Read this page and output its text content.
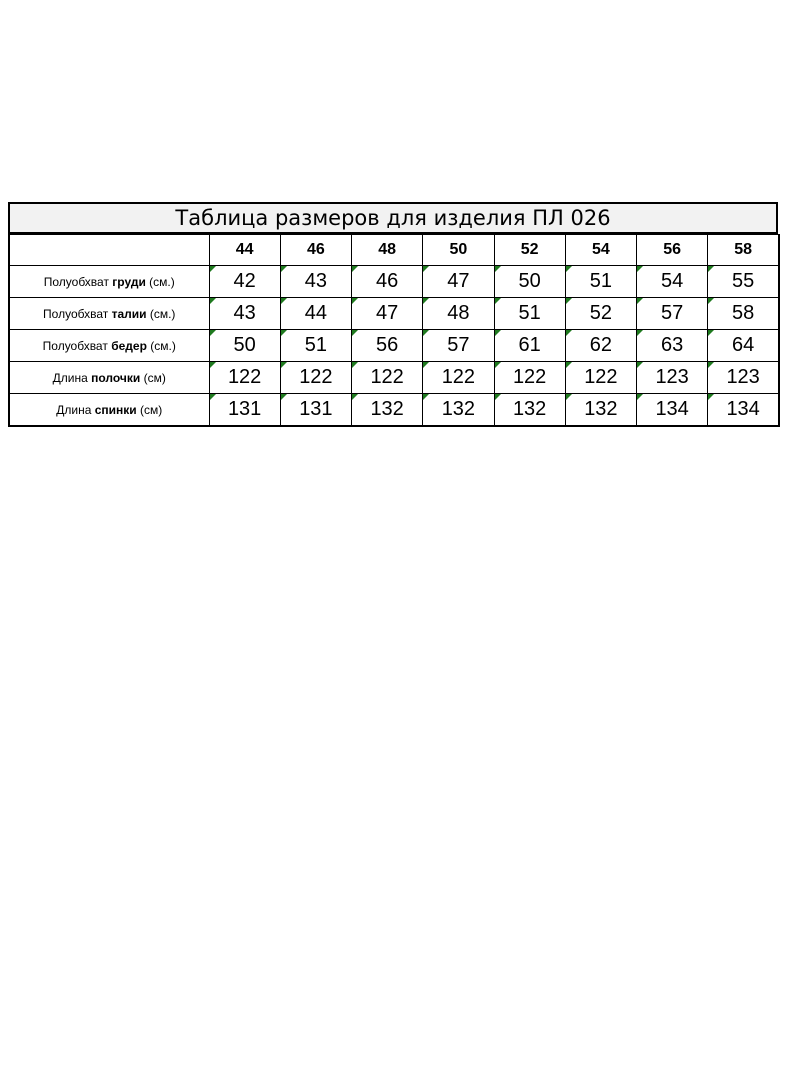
Таблица размеров для изделия ПЛ 026
	44	46	48	50	52	54	56	58
Полуобхват груди (см.)	42	43	46	47	50	51	54	55
Полуобхват талии (см.)	43	44	47	48	51	52	57	58
Полуобхват бедер (см.)	50	51	56	57	61	62	63	64
Длина полочки (см)	122	122	122	122	122	122	123	123
Длина спинки (см)	131	131	132	132	132	132	134	134
